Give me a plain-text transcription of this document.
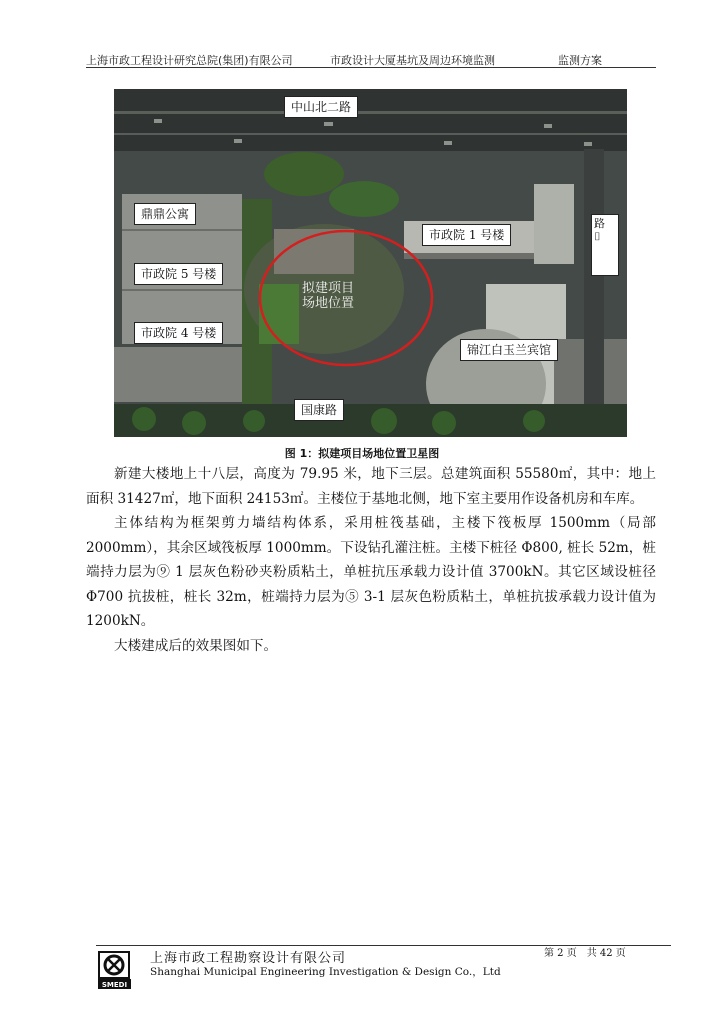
上海市政工程设计研究总院(集团)有限公司	市政设计大厦基坑及周边环境监测	监测方案
中山北二路
鼎鼎公寓
市政院 5 号楼
市政院 4 号楼
市政院 1 号楼
锦江白玉兰宾馆
国康路
路
⌷
拟建项目
场地位置
图 1：拟建项目场地位置卫星图

新建大楼地上十八层，高度为 79.95 米，地下三层。总建筑面积 55580㎡，其中：地上面积 31427㎡，地下面积 24153㎡。主楼位于基地北侧，地下室主要用作设备机房和车库。

主体结构为框架剪力墙结构体系，采用桩筏基础，主楼下筏板厚 1500mm（局部 2000mm），其余区域筏板厚 1000mm。下设钻孔灌注桩。主楼下桩径 Φ800, 桩长 52m，桩端持力层为⑨ 1 层灰色粉砂夹粉质粘土，单桩抗压承载力设计值 3700kN。其它区域设桩径 Φ700 抗拔桩，桩长 32m，桩端持力层为⑤ 3-1 层灰色粉质粘土，单桩抗拔承载力设计值为 1200kN。

大楼建成后的效果图如下。

SMEDI
上海市政工程勘察设计有限公司
Shanghai Municipal Engineering Investigation & Design Co.，Ltd
第 2 页　共 42 页
